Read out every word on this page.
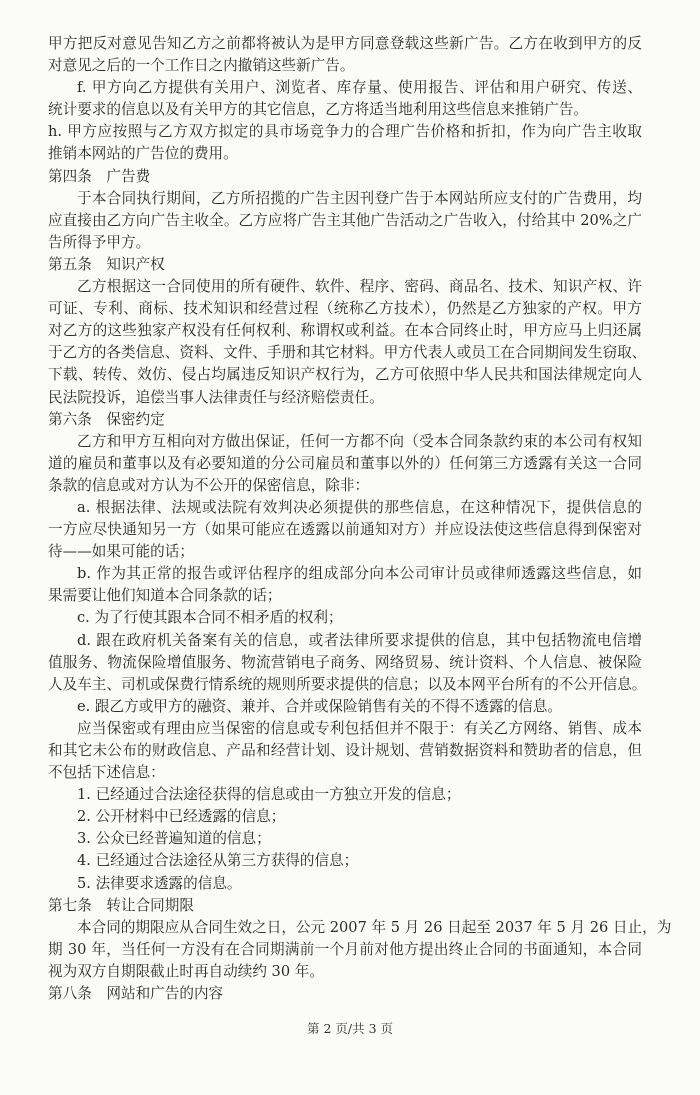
甲方把反对意见告知乙方之前都将被认为是甲方同意登载这些新广告。乙方在收到甲方的反
对意见之后的一个工作日之内撤销这些新广告。
f. 甲方向乙方提供有关用户、浏览者、库存量、使用报告、评估和用户研究、传送、
统计要求的信息以及有关甲方的其它信息，乙方将适当地利用这些信息来推销广告。
h. 甲方应按照与乙方双方拟定的具市场竞争力的合理广告价格和折扣，作为向广告主收取
推销本网站的广告位的费用。
第四条　广告费
于本合同执行期间，乙方所招揽的广告主因刊登广告于本网站所应支付的广告费用，均
应直接由乙方向广告主收全。乙方应将广告主其他广告活动之广告收入，付给其中 20%之广
告所得予甲方。
第五条　知识产权
乙方根据这一合同使用的所有硬件、软件、程序、密码、商品名、技术、知识产权、许
可证、专利、商标、技术知识和经营过程（统称乙方技术），仍然是乙方独家的产权。甲方
对乙方的这些独家产权没有任何权利、称谓权或利益。在本合同终止时，甲方应马上归还属
于乙方的各类信息、资料、文件、手册和其它材料。甲方代表人或员工在合同期间发生窃取、
下载、转传、效仿、侵占均属违反知识产权行为，乙方可依照中华人民共和国法律规定向人
民法院投诉，追偿当事人法律责任与经济赔偿责任。
第六条　保密约定
乙方和甲方互相向对方做出保证，任何一方都不向（受本合同条款约束的本公司有权知
道的雇员和董事以及有必要知道的分公司雇员和董事以外的）任何第三方透露有关这一合同
条款的信息或对方认为不公开的保密信息，除非：
a. 根据法律、法规或法院有效判决必须提供的那些信息，在这种情况下，提供信息的
一方应尽快通知另一方（如果可能应在透露以前通知对方）并应设法使这些信息得到保密对
待——如果可能的话；
b. 作为其正常的报告或评估程序的组成部分向本公司审计员或律师透露这些信息，如
果需要让他们知道本合同条款的话；
c. 为了行使其跟本合同不相矛盾的权利；
d. 跟在政府机关备案有关的信息，或者法律所要求提供的信息，其中包括物流电信增
值服务、物流保险增值服务、物流营销电子商务、网络贸易、统计资料、个人信息、被保险
人及车主、司机或保费行情系统的规则所要求提供的信息；以及本网平台所有的不公开信息。
e. 跟乙方或甲方的融资、兼并、合并或保险销售有关的不得不透露的信息。
应当保密或有理由应当保密的信息或专利包括但并不限于：有关乙方网络、销售、成本
和其它未公布的财政信息、产品和经营计划、设计规划、营销数据资料和赞助者的信息，但
不包括下述信息：
1. 已经通过合法途径获得的信息或由一方独立开发的信息；
2. 公开材料中已经透露的信息；
3. 公众已经普遍知道的信息；
4. 已经通过合法途径从第三方获得的信息；
5. 法律要求透露的信息。
第七条　转让合同期限
本合同的期限应从合同生效之日，公元 2007 年 5 月 26 日起至 2037 年 5 月 26 日止，为
期 30 年，当任何一方没有在合同期满前一个月前对他方提出终止合同的书面通知，本合同
视为双方自期限截止时再自动续约 30 年。
第八条　网站和广告的内容
第 2 页/共 3 页
